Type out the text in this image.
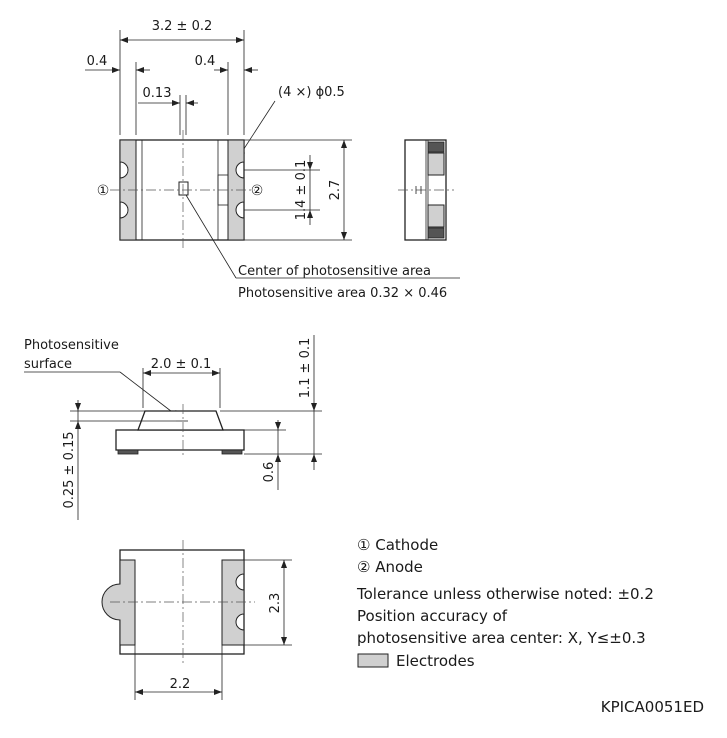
3.2 ± 0.2
0.4	0.4
0.13	(4 ×) ϕ0.5
①	② 1.4 ± 0.1 2.7
Center of photosensitive area
Photosensitive area 0.32 × 0.46
Photosensitive
surface	2.0 ± 0.1	1.1 ± 0.1
0.6
0.25 ± 0.15
2.3
2.2
① Cathode
② Anode
Tolerance unless otherwise noted: ±0.2
Position accuracy of
photosensitive area center: X, Y≤±0.3
Electrodes
KPICA0051ED
